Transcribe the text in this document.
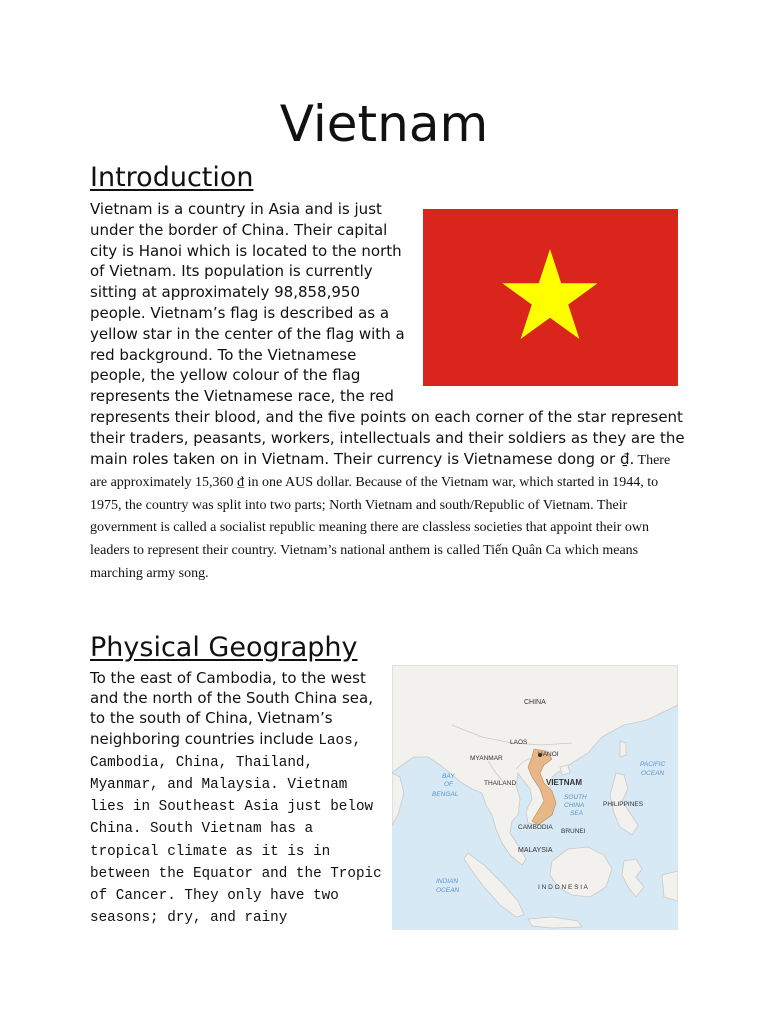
Vietnam
Introduction

Vietnam is a country in Asia and is just under the border of China. Their capital city is Hanoi which is located to the north of Vietnam. Its population is currently sitting at approximately 98,858,950 people. Vietnam’s flag is described as a yellow star in the center of the flag with a red background. To the Vietnamese people, the yellow colour of the flag represents the Vietnamese race, the red

represents their blood, and the five points on each corner of the star represent their traders, peasants, workers, intellectuals and their soldiers as they are the main roles taken on in Vietnam. Their currency is Vietnamese dong or ₫. There are approximately 15,360 ₫ in one AUS dollar. Because of the Vietnam war, which started in 1944, to 1975, the country was split into two parts; North Vietnam and south/Republic of Vietnam. Their government is called a socialist republic meaning there are classless societies that appoint their own leaders to represent their country. Vietnam’s national anthem is called Tiến Quân Ca which means marching army song.

Physical Geography

To the east of Cambodia, to the west and the north of the South China sea, to the south of China, Vietnam’s neighboring countries include Laos, Cambodia, China, Thailand, Myanmar, and Malaysia. Vietnam lies in Southeast Asia just below China. South Vietnam has a tropical climate as it is in between the Equator and the Tropic of Cancer. They only have two seasons; dry, and rainy

CHINA
LAOS
HANOI
MYANMAR
THAILAND	VIETNAM
CAMBODIA
BRUNEI
MALAYSIA
I N D O N E S I A
PHILIPPINES
BAY
OF
BENGAL	SOUTH
CHINA
SEA
PACIFIC
OCEAN
INDIAN
OCEAN
